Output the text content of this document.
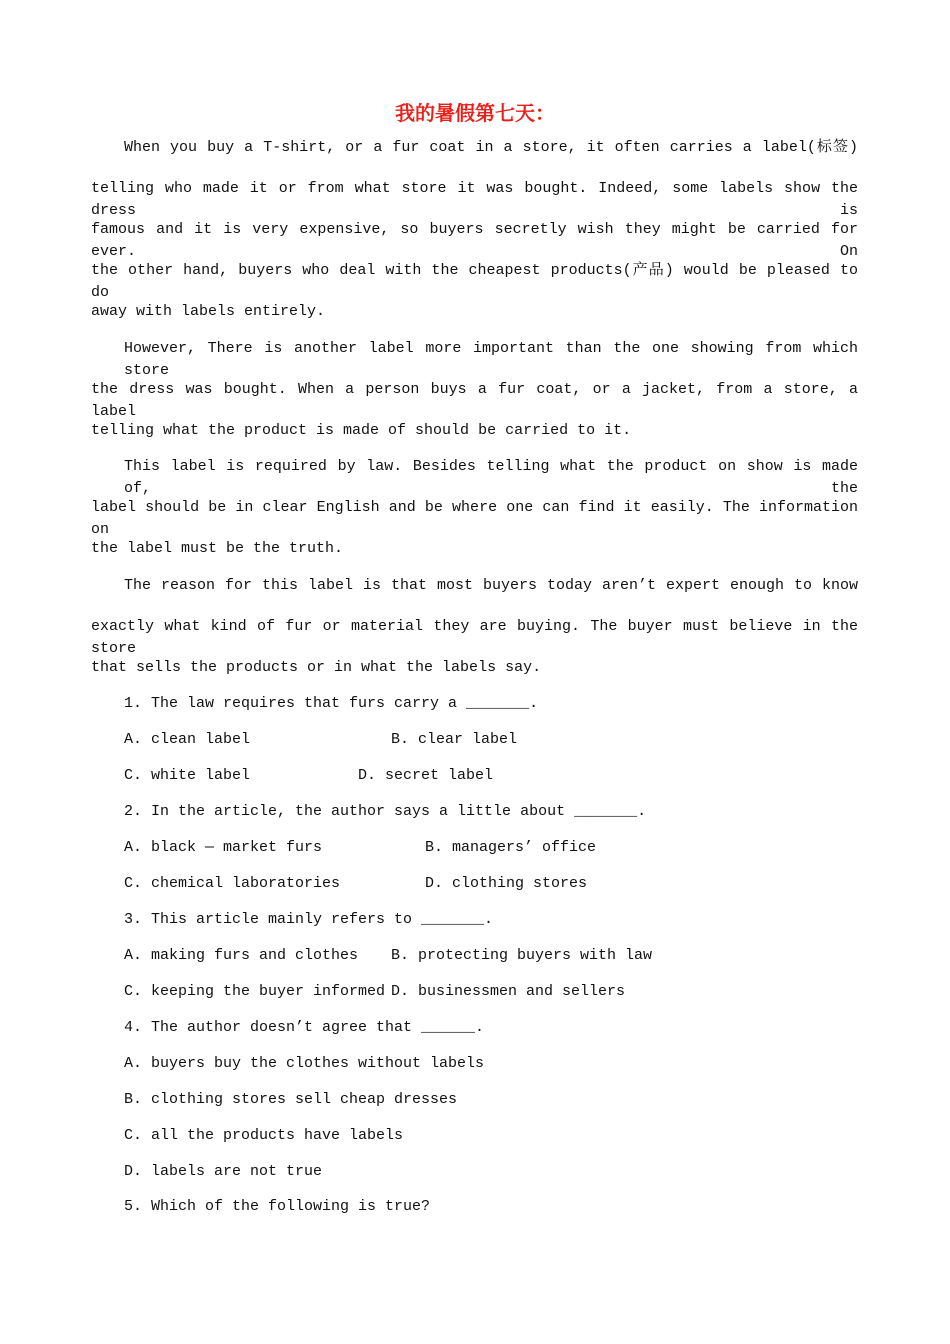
我的暑假第七天：
When you buy a T-shirt, or a fur coat in a store, it often carries a label(标签)
telling who made it or from what store it was bought. Indeed, some labels show the dress is
famous and it is very expensive, so buyers secretly wish they might be carried for ever. On
the other hand, buyers who deal with the cheapest products(产品) would be pleased to do
away with labels entirely.
However, There is another label more important than the one showing from which store
the dress was bought. When a person buys a fur coat, or a jacket, from a store, a label
telling what the product is made of should be carried to it.
This label is required by law. Besides telling what the product on show is made of, the
label should be in clear English and be where one can find it easily. The information on
the label must be the truth.
The reason for this label is that most buyers today aren’t expert enough to know
exactly what kind of fur or material they are buying. The buyer must believe in the store
that sells the products or in what the labels say.
1. The law requires that furs carry a _______.
A. clean label	B. clear label
C. white label	D. secret label
2. In the article, the author says a little about _______.
A. black — market furs	B. managers’ office
C. chemical laboratories	D. clothing stores
3. This article mainly refers to _______.
A. making furs and clothes B. protecting buyers with law
C. keeping the buyer informed D. businessmen and sellers
4. The author doesn’t agree that ______.
A. buyers buy the clothes without labels
B. clothing stores sell cheap dresses
C. all the products have labels
D. labels are not true
5. Which of the following is true?
